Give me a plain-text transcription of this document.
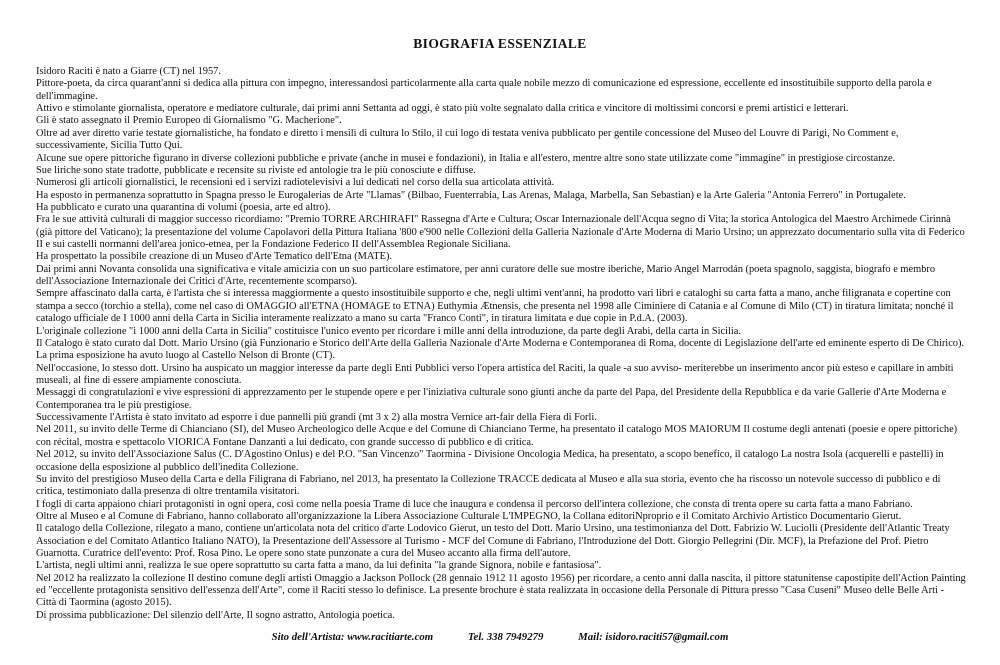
BIOGRAFIA ESSENZIALE

Isidoro Raciti è nato a Giarre (CT) nel 1957.

Pittore-poeta, da circa quarant'anni si dedica alla pittura con impegno, interessandosi particolarmente alla carta quale nobile mezzo di comunicazione ed espressione, eccellente ed insostituibile supporto della parola e dell'immagine.

Attivo e stimolante giornalista, operatore e mediatore culturale, dai primi anni Settanta ad oggi, è stato più volte segnalato dalla critica e vincitore di moltissimi concorsi e premi artistici e letterari.

Gli è stato assegnato il Premio Europeo di Giornalismo "G. Macherione".

Oltre ad aver diretto varie testate giornalistiche, ha fondato e diretto i mensili di cultura lo Stilo, il cui logo di testata veniva pubblicato per gentile concessione del Museo del Louvre di Parigi, No Comment e, successivamente, Sicilia Tutto Qui.

Alcune sue opere pittoriche figurano in diverse collezioni pubbliche e private (anche in musei e fondazioni), in Italia e all'estero, mentre altre sono state utilizzate come "immagine" in prestigiose circostanze.

Sue liriche sono state tradotte, pubblicate e recensite su riviste ed antologie tra le più conosciute e diffuse.

Numerosi gli articoli giornalistici, le recensioni ed i servizi radiotelevisivi a lui dedicati nel corso della sua articolata attività.

Ha esposto in permanenza soprattutto in Spagna presso le Eurogalerias de Arte "Llamas" (Bilbao, Fuenterrabia, Las Arenas, Malaga, Marbella, San Sebastian) e la Arte Galeria "Antonia Ferrero" in Portugalete.

Ha pubblicato e curato una quarantina di volumi (poesia, arte ed altro).

Fra le sue attività culturali di maggior successo ricordiamo: "Premio TORRE ARCHIRAFI" Rassegna d'Arte e Cultura; Oscar Internazionale dell'Acqua segno di Vita; la storica Antologica del Maestro Archimede Cirinnà (già pittore del Vaticano); la presentazione del volume Capolavori della Pittura Italiana '800 e'900 nelle Collezioni della Galleria Nazionale d'Arte Moderna di Mario Ursino; un apprezzato documentario sulla vita di Federico II e sui castelli normanni dell'area jonico-etnea, per la Fondazione Federico II dell'Assemblea Regionale Siciliana.

Ha prospettato la possibile creazione di un Museo d'Arte Tematico dell'Etna (MATE).

Dai primi anni Novanta consolida una significativa e vitale amicizia con un suo particolare estimatore, per anni curatore delle sue mostre iberiche, Mario Angel Marrodán (poeta spagnolo, saggista, biografo e membro dell'Associazione Internazionale dei Critici d'Arte, recentemente scomparso).

Sempre affascinato dalla carta, è l'artista che si interessa maggiormente a questo insostituibile supporto e che, negli ultimi vent'anni, ha prodotto vari libri e cataloghi su carta fatta a mano, anche filigranata e copertine con stampa a secco (torchio a stella), come nel caso di OMAGGIO all'ETNA (HOMAGE to ETNA) Euthymia Ætnensis, che presenta nel 1998 alle Ciminiere di Catania e al Comune di Milo (CT) in tiratura limitata; nonché il catalogo ufficiale de I 1000 anni della Carta in Sicilia interamente realizzato a mano su carta "Franco Conti", in tiratura limitata e due copie in P.d.A. (2003).

L'originale collezione "i 1000 anni della Carta in Sicilia" costituisce l'unico evento per ricordare i mille anni della introduzione, da parte degli Arabi, della carta in Sicilia.

Il Catalogo è stato curato dal Dott. Mario Ursino (già Funzionario e Storico dell'Arte della Galleria Nazionale d'Arte Moderna e Contemporanea di Roma, docente di Legislazione dell'arte ed eminente esperto di De Chirico).

La prima esposizione ha avuto luogo al Castello Nelson di Bronte (CT).

Nell'occasione, lo stesso dott. Ursino ha auspicato un maggior interesse da parte degli Enti Pubblici verso l'opera artistica del Raciti, la quale -a suo avviso- meriterebbe un inserimento ancor più esteso e capillare in ambiti museali, al fine di essere ampiamente conosciuta.

Messaggi di congratulazioni e vive espressioni di apprezzamento per le stupende opere e per l'iniziativa culturale sono giunti anche da parte del Papa, del Presidente della Repubblica e da varie Gallerie d'Arte Moderna e Contemporanea tra le più prestigiose.

Successivamente l'Artista è stato invitato ad esporre i due pannelli più grandi (mt 3 x 2) alla mostra Vernice art-fair della Fiera di Forlì.

Nel 2011, su invito delle Terme di Chianciano (SI), del Museo Archeologico delle Acque e del Comune di Chianciano Terme, ha presentato il catalogo MOS MAIORUM Il costume degli antenati (poesie e opere pittoriche) con récital, mostra e spettacolo VIORICA Fontane Danzanti a lui dedicato, con grande successo di pubblico e di critica.

Nel 2012, su invito dell'Associazione Salus (C. D'Agostino Onlus) e del P.O. "San Vincenzo" Taormina - Divisione Oncologia Medica, ha presentato, a scopo benefico, il catalogo La nostra Isola (acquerelli e pastelli) in occasione della esposizione al pubblico dell'inedita Collezione.

Su invito del prestigioso Museo della Carta e della Filigrana di Fabriano, nel 2013, ha presentato la Collezione TRACCE dedicata al Museo e alla sua storia, evento che ha riscosso un notevole successo di pubblico e di critica, testimoniato dalla presenza di oltre trentamila visitatori.

I fogli di carta appaiono chiari protagonisti in ogni opera, così come nella poesia Trame di luce che inaugura e condensa il percorso dell'intera collezione, che consta di trenta opere su carta fatta a mano Fabriano.

Oltre al Museo e al Comune di Fabriano, hanno collaborato all'organizzazione la Libera Associazione Culturale L'IMPEGNO, la Collana editoriNproprio e il Comitato Archivio Artistico Documentario Gierut.

Il catalogo della Collezione, rilegato a mano, contiene un'articolata nota del critico d'arte Lodovico Gierut, un testo del Dott. Mario Ursino, una testimonianza del Dott. Fabrizio W. Luciolli (Presidente dell'Atlantic Treaty Association e del Comitato Atlantico Italiano NATO), la Presentazione dell'Assessore al Turismo - MCF del Comune di Fabriano, l'Introduzione del Dott. Giorgio Pellegrini (Dir. MCF), la Prefazione del Prof. Pietro Guarnotta. Curatrice dell'evento: Prof. Rosa Pino. Le opere sono state punzonate a cura del Museo accanto alla firma dell'autore.

L'artista, negli ultimi anni, realizza le sue opere soprattutto su carta fatta a mano, da lui definita "la grande Signora, nobile e fantasiosa".

Nel 2012 ha realizzato la collezione Il destino comune degli artisti Omaggio a Jackson Pollock (28 gennaio 1912 11 agosto 1956) per ricordare, a cento anni dalla nascita, il pittore statunitense capostipite dell'Action Painting ed "eccellente protagonista sensitivo dell'essenza dell'Arte", come il Raciti stesso lo definisce. La presente brochure è stata realizzata in occasione della Personale di Pittura presso "Casa Cuseni" Museo delle Belle Arti - Città di Taormina (agosto 2015).

Di prossima pubblicazione: Del silenzio dell'Arte, Il sogno astratto, Antologia poetica.

Sito dell'Artista: www.racitiarte.com	Tel. 338 7949279	Mail: isidoro.raciti57@gmail.com
